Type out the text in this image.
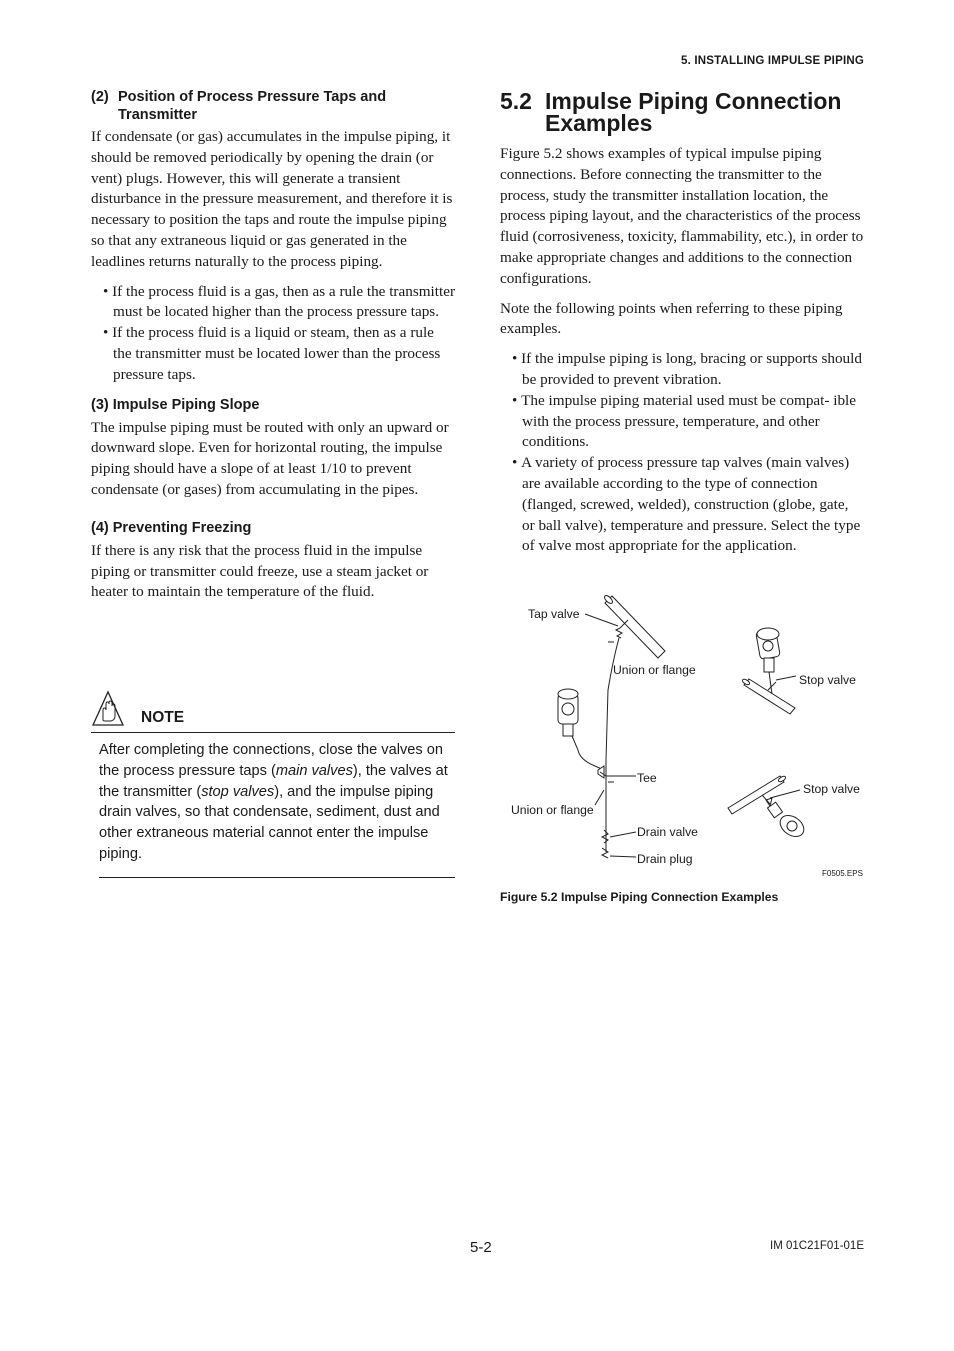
5. INSTALLING IMPULSE PIPING
(2) Position of Process Pressure Taps and
Transmitter

If condensate (or gas) accumulates in the impulse piping, it should be removed periodically by opening the drain (or vent) plugs. However, this will generate a transient disturbance in the pressure measurement, and therefore it is necessary to position the taps and route the impulse piping so that any extraneous liquid or gas generated in the leadlines returns naturally to the process piping.

• If the process fluid is a gas, then as a rule the transmitter must be located higher than the process pressure taps.
• If the process fluid is a liquid or steam, then as a rule the transmitter must be located lower than the process pressure taps.
(3) Impulse Piping Slope

The impulse piping must be routed with only an upward or downward slope. Even for horizontal routing, the impulse piping should have a slope of at least 1/10 to prevent condensate (or gases) from accumulating in the pipes.

(4) Preventing Freezing

If there is any risk that the process fluid in the impulse piping or transmitter could freeze, use a steam jacket or heater to maintain the temperature of the fluid.

NOTE
After completing the connections, close the valves on the process pressure taps (main valves), the valves at the transmitter (stop valves), and the impulse piping drain valves, so that condensate, sediment, dust and other extraneous material cannot enter the impulse piping.
5.2 Impulse Piping Connection
Examples

Figure 5.2 shows examples of typical impulse piping connections. Before connecting the transmitter to the process, study the transmitter installation location, the process piping layout, and the characteristics of the process fluid (corrosiveness, toxicity, flammability, etc.), in order to make appropriate changes and additions to the connection configurations.

Note the following points when referring to these piping examples.

• If the impulse piping is long, bracing or supports should be provided to prevent vibration.
• The impulse piping material used must be compat- ible with the process pressure, temperature, and other conditions.
• A variety of process pressure tap valves (main valves) are available according to the type of connection (flanged, screwed, welded), construction (globe, gate, or ball valve), temperature and pressure. Select the type of valve most appropriate for the application.
Tap valve
Union or flange
Stop valve
Tee
Union or flange
Stop valve
Drain valve
Drain plug
F0505.EPS
Figure 5.2 Impulse Piping Connection Examples
5-2	IM 01C21F01-01E
